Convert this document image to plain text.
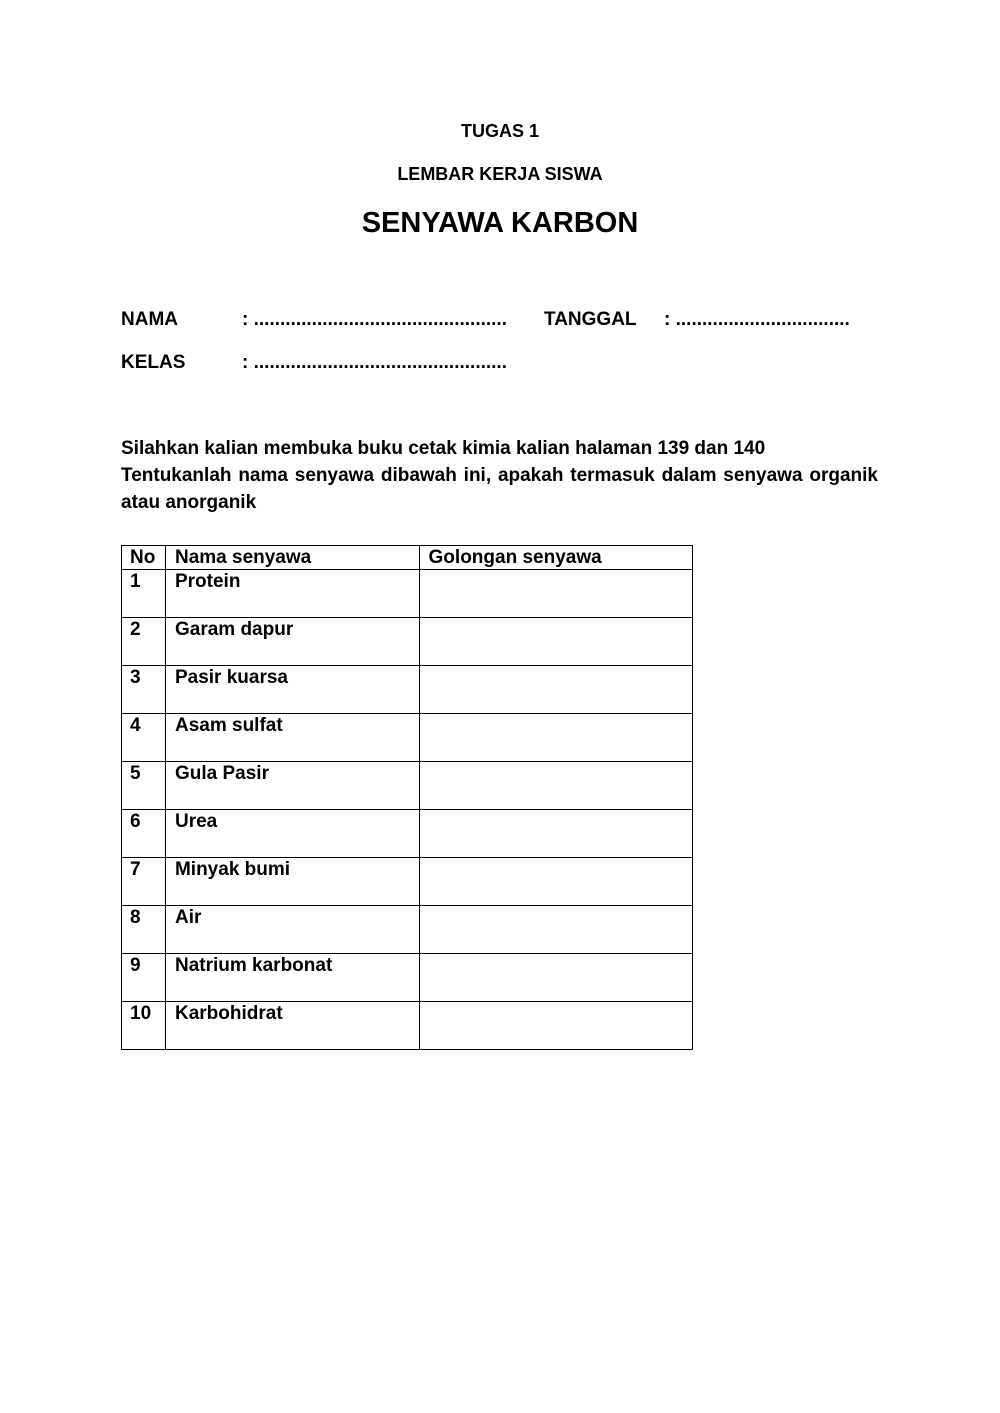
TUGAS 1
LEMBAR KERJA SISWA
SENYAWA KARBON
NAMA	: ................................................ TANGGAL : .................................
KELAS	: ................................................
Silahkan kalian membuka buku cetak kimia kalian halaman 139 dan 140
Tentukanlah nama senyawa dibawah ini, apakah termasuk dalam senyawa organik atau anorganik
No	Nama senyawa	Golongan senyawa
1	Protein	
2	Garam dapur	
3	Pasir kuarsa	
4	Asam sulfat	
5	Gula Pasir	
6	Urea	
7	Minyak bumi	
8	Air	
9	Natrium karbonat	
10	Karbohidrat	
